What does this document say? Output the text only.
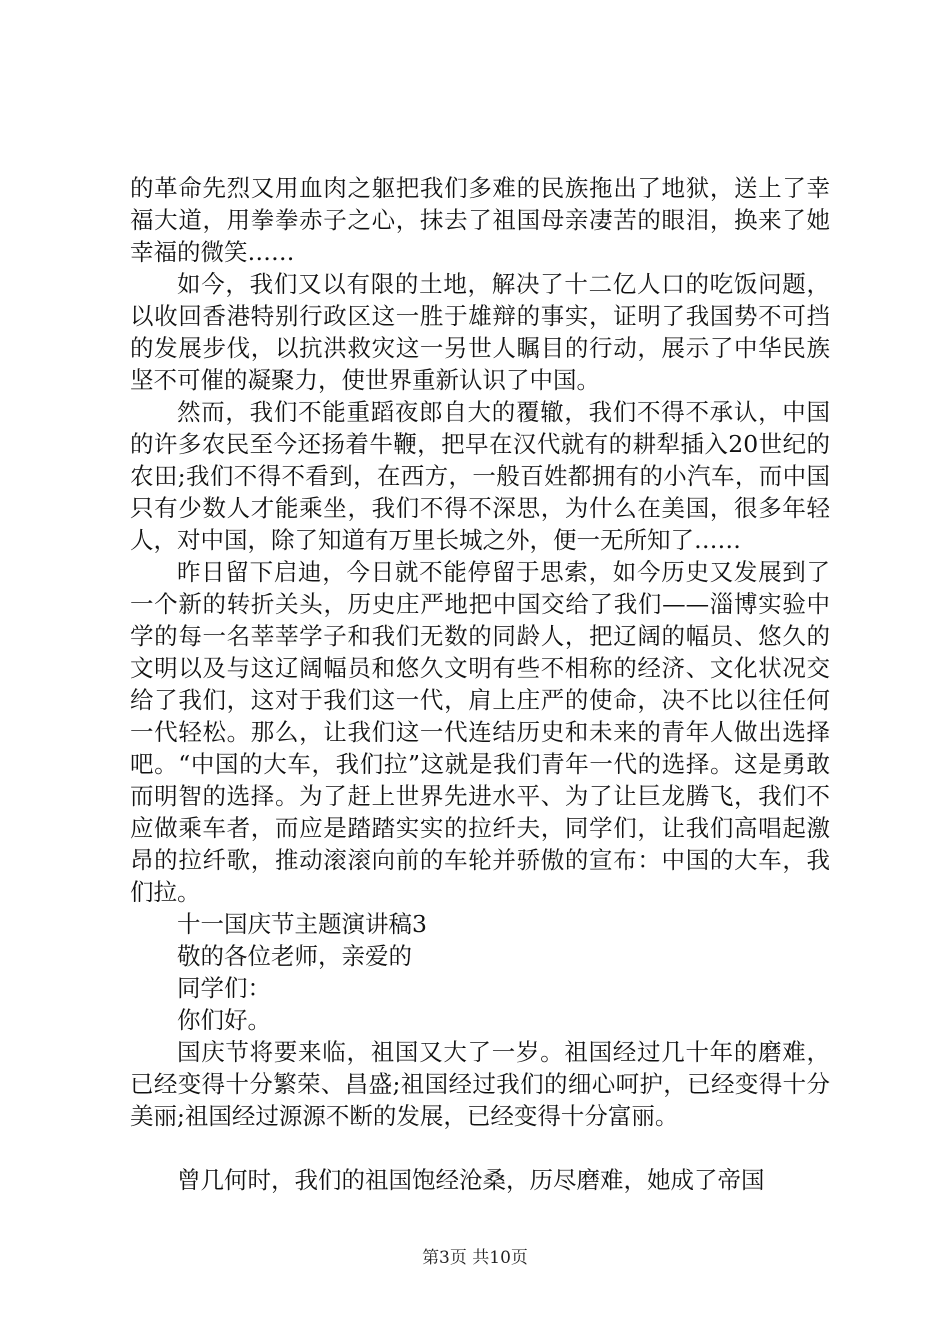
的革命先烈又用血肉之躯把我们多难的民族拖出了地狱，送上了幸福大道，用拳拳赤子之心，抹去了祖国母亲凄苦的眼泪，换来了她幸福的微笑……

如今，我们又以有限的土地，解决了十二亿人口的吃饭问题，以收回香港特别行政区这一胜于雄辩的事实，证明了我国势不可挡的发展步伐，以抗洪救灾这一另世人瞩目的行动，展示了中华民族坚不可催的凝聚力，使世界重新认识了中国。

然而，我们不能重蹈夜郎自大的覆辙，我们不得不承认，中国的许多农民至今还扬着牛鞭，把早在汉代就有的耕犁插入20世纪的农田;我们不得不看到，在西方，一般百姓都拥有的小汽车，而中国只有少数人才能乘坐，我们不得不深思，为什么在美国，很多年轻人，对中国，除了知道有万里长城之外，便一无所知了……

昨日留下启迪，今日就不能停留于思索，如今历史又发展到了一个新的转折关头，历史庄严地把中国交给了我们——淄博实验中学的每一名莘莘学子和我们无数的同龄人，把辽阔的幅员、悠久的文明以及与这辽阔幅员和悠久文明有些不相称的经济、文化状况交给了我们，这对于我们这一代，肩上庄严的使命，决不比以往任何一代轻松。那么，让我们这一代连结历史和未来的青年人做出选择吧。“中国的大车，我们拉”这就是我们青年一代的选择。这是勇敢而明智的选择。为了赶上世界先进水平、为了让巨龙腾飞，我们不应做乘车者，而应是踏踏实实的拉纤夫，同学们，让我们高唱起激昂的拉纤歌，推动滚滚向前的车轮并骄傲的宣布：中国的大车，我们拉。

十一国庆节主题演讲稿3

敬的各位老师，亲爱的

同学们：

你们好。

国庆节将要来临，祖国又大了一岁。祖国经过几十年的磨难，已经变得十分繁荣、昌盛;祖国经过我们的细心呵护，已经变得十分美丽;祖国经过源源不断的发展，已经变得十分富丽。

曾几何时，我们的祖国饱经沧桑，历尽磨难，她成了帝国

第3页 共10页
